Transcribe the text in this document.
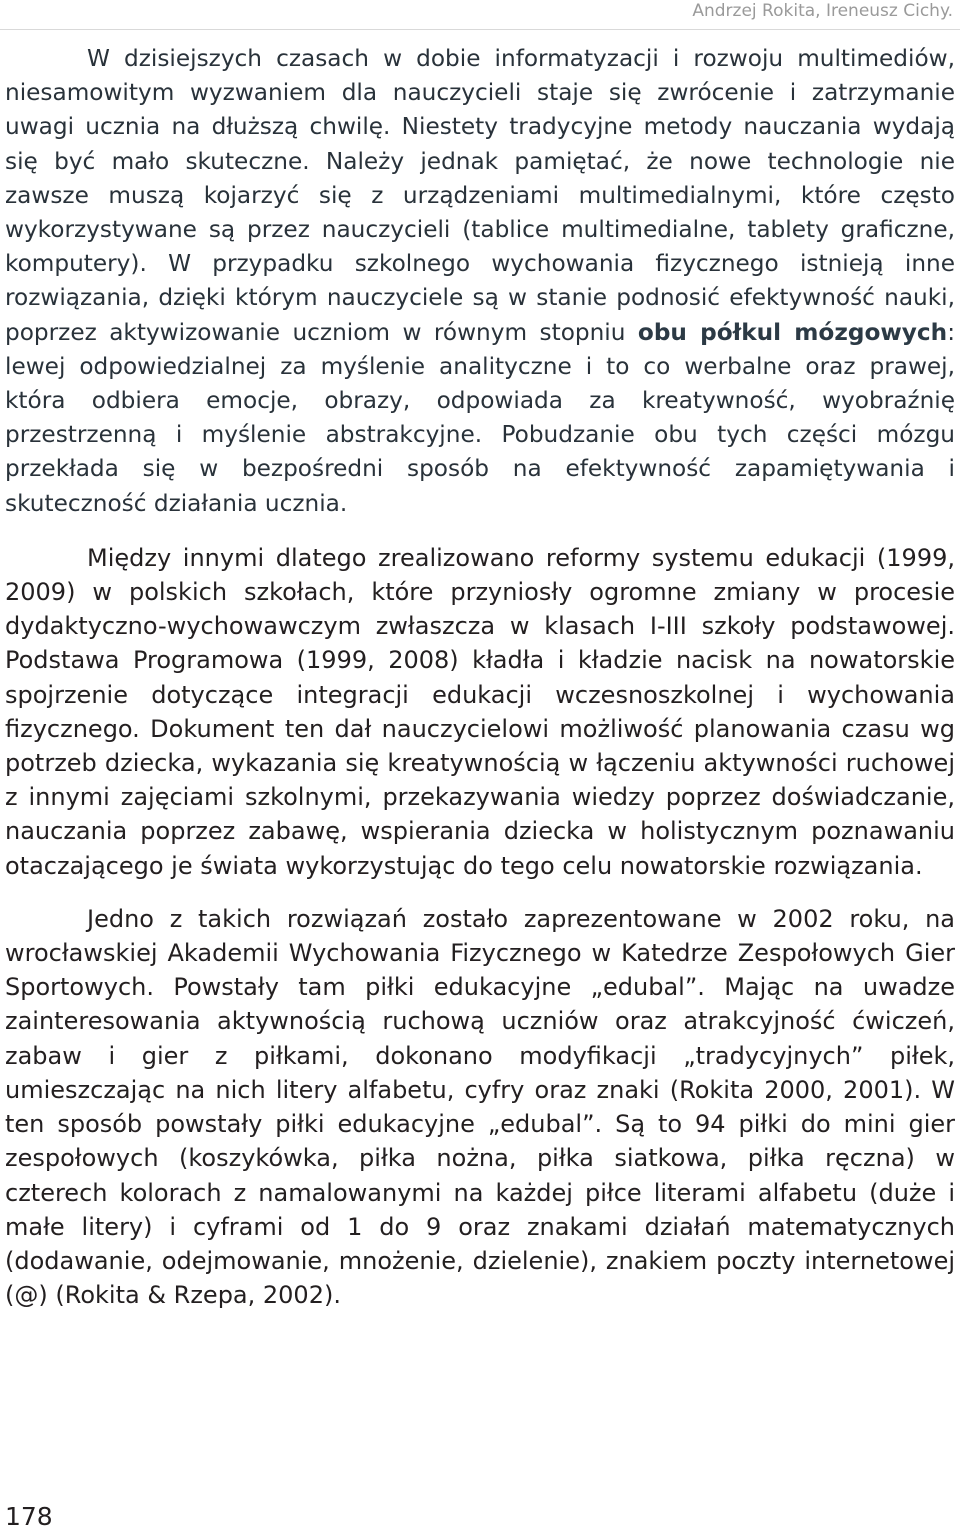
Andrzej Rokita, Ireneusz Cichy.

W dzisiejszych czasach w dobie informatyzacji i rozwoju multimediów, niesamowitym wyzwaniem dla nauczycieli staje się zwrócenie i zatrzymanie uwagi ucznia na dłuższą chwilę. Niestety tradycyjne metody nauczania wydają się być mało skuteczne. Należy jednak pamiętać, że nowe technologie nie zawsze muszą kojarzyć się z urządzeniami multimedialnymi, które często wykorzystywane są przez nauczycieli (tablice multimedialne, tablety graficzne, komputery). W przypadku szkolnego wychowania fizycznego istnieją inne rozwiązania, dzięki którym nauczyciele są w stanie podnosić efektywność nauki, poprzez aktywizowanie uczniom w równym stopniu obu półkul mózgowych: lewej odpowiedzialnej za myślenie analityczne i to co werbalne oraz prawej, która odbiera emocje, obrazy, odpowiada za kreatywność, wyobraźnię przestrzenną i myślenie abstrakcyjne. Pobudzanie obu tych części mózgu przekłada się w bezpośredni sposób na efektywność zapamiętywania i skuteczność działania ucznia.

Między innymi dlatego zrealizowano reformy systemu edukacji (1999, 2009) w polskich szkołach, które przyniosły ogromne zmiany w procesie dydaktyczno-wychowawczym zwłaszcza w klasach I-III szkoły podstawowej. Podstawa Programowa (1999, 2008) kładła i kładzie nacisk na nowatorskie spojrzenie dotyczące integracji edukacji wczesnoszkolnej i wychowania fizycznego. Dokument ten dał nauczycielowi możliwość planowania czasu wg potrzeb dziecka, wykazania się kreatywnością w łączeniu aktywności ruchowej z innymi zajęciami szkolnymi, przekazywania wiedzy poprzez doświadczanie, nauczania poprzez zabawę, wspierania dziecka w holistycznym poznawaniu otaczającego je świata wykorzystując do tego celu nowatorskie rozwiązania.

Jedno z takich rozwiązań zostało zaprezentowane w 2002 roku, na wrocławskiej Akademii Wychowania Fizycznego w Katedrze Zespołowych Gier Sportowych. Powstały tam piłki edukacyjne „edubal”. Mając na uwadze zainteresowania aktywnością ruchową uczniów oraz atrakcyjność ćwiczeń, zabaw i gier z piłkami, dokonano modyfikacji „tradycyjnych” piłek, umieszczając na nich litery alfabetu, cyfry oraz znaki (Rokita 2000, 2001). W ten sposób powstały piłki edukacyjne „edubal”. Są to 94 piłki do mini gier zespołowych (koszykówka, piłka nożna, piłka siatkowa, piłka ręczna) w czterech kolorach z namalowanymi na każdej piłce literami alfabetu (duże i małe litery) i cyframi od 1 do 9 oraz znakami działań matematycznych (dodawanie, odejmowanie, mnożenie, dzielenie), znakiem poczty internetowej (@) (Rokita & Rzepa, 2002).

178
